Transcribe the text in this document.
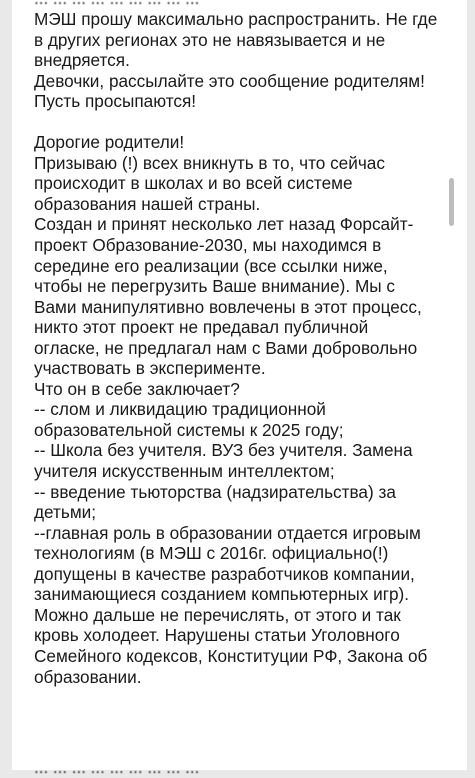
МЭШ прошу максимально распространить. Не где
в других регионах это не навязывается и не
внедряется.
Девочки, рассылайте это сообщение родителям!
Пусть просыпаются!

Дорогие родители!
Призываю (!) всех вникнуть в то, что сейчас
происходит в школах и во всей системе
образования нашей страны.
Создан и принят несколько лет назад Форсайт-
проект Образование-2030, мы находимся в
середине его реализации (все ссылки ниже,
чтобы не перегрузить Ваше внимание). Мы с
Вами манипулятивно вовлечены в этот процесс,
никто этот проект не предавал публичной
огласке, не предлагал нам с Вами добровольно
участвовать в эксперименте.
Что он в себе заключает?
-- слом и ликвидацию традиционной
образовательной системы к 2025 году;
-- Школа без учителя. ВУЗ без учителя. Замена
учителя искусственным интеллектом;
-- введение тьюторства (надзирательства) за
детьми;
--главная роль в образовании отдается игровым
технологиям (в МЭШ с 2016г. официально(!)
допущены в качестве разработчиков компании,
занимающиеся созданием компьютерных игр).
Можно дальше не перечислять, от этого и так
кровь холодеет. Нарушены статьи Уголовного
Семейного кодексов, Конституции РФ, Закона об
образовании.

... ... ... ... ... ... ... ... ...
